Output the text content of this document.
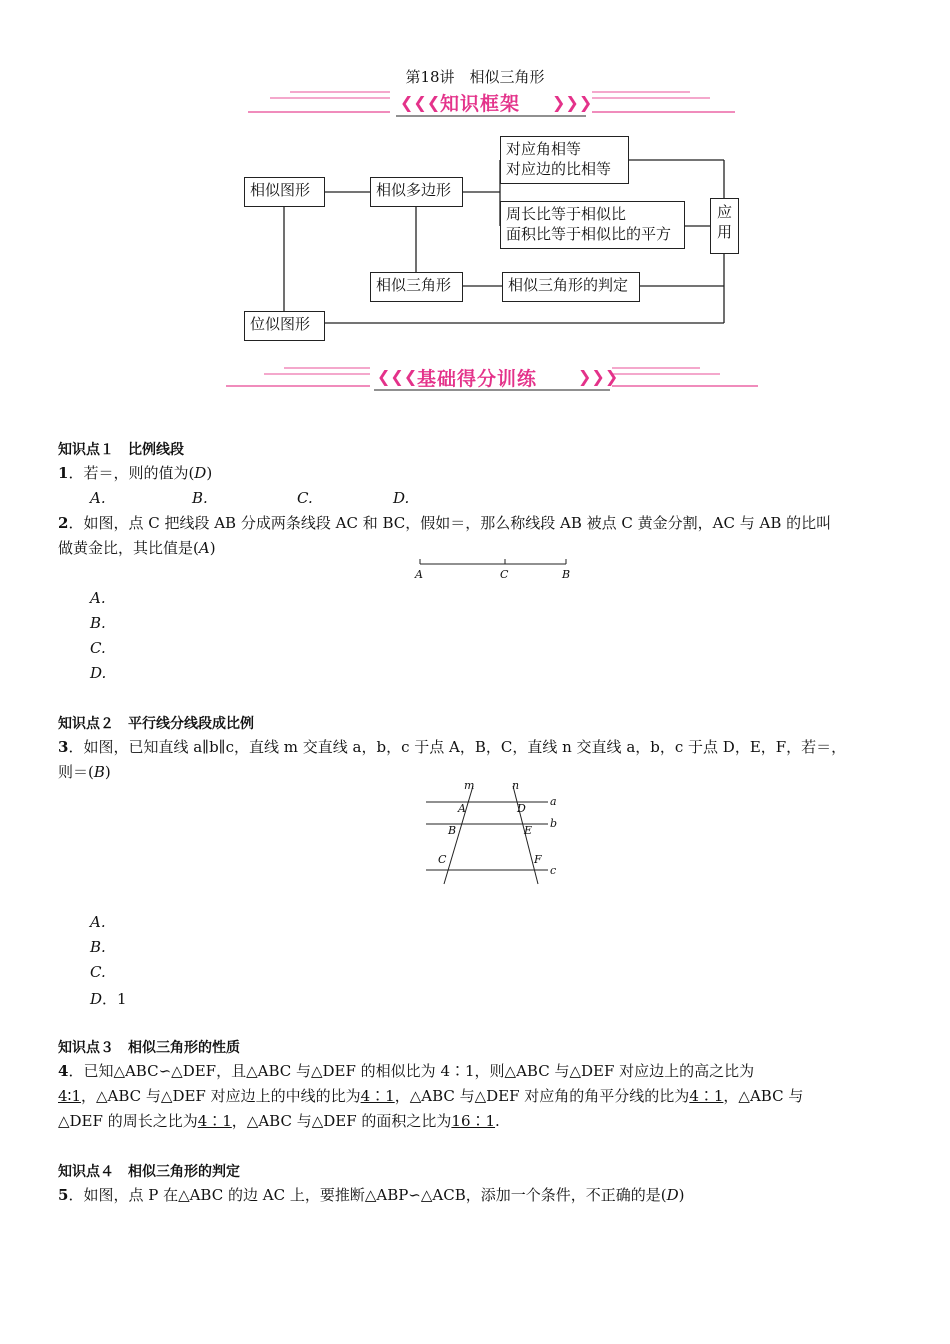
第18讲　相似三角形
❮❮❮	❯❯❯
知识框架
相似图形	相似多边形
对应角相等
对应边的比相等
周长比等于相似比
面积比等于相似比的平方
应
用
相似三角形	相似三角形的判定
位似图形
❮❮❮	❯❯❯
基础得分训练
知识点１　比例线段
1．若＝，则的值为(D)
A.	B.	C.	D.
2．如图，点 C 把线段 AB 分成两条线段 AC 和 BC，假如＝，那么称线段 AB 被点 C 黄金分割，AC 与 AB 的比叫
做黄金比，其比值是(A)
A	C	B
A.
B.
C.
D.
知识点２　平行线分线段成比例
3．如图，已知直线 a∥b∥c，直线 m 交直线 a，b，c 于点 A，B，C，直线 n 交直线 a，b，c 于点 D，E，F，若＝，
则＝(B)
m	n
a
b
c
A	D
B	E
C	F
A.
B.
C.
D．1
知识点３　相似三角形的性质
4．已知△ABC∽△DEF，且△ABC 与△DEF 的相似比为 4∶1，则△ABC 与△DEF 对应边上的高之比为
4∶1，△ABC 与△DEF 对应边上的中线的比为4∶1，△ABC 与△DEF 对应角的角平分线的比为4∶1，△ABC 与
△DEF 的周长之比为4∶1，△ABC 与△DEF 的面积之比为16∶1.
知识点４　相似三角形的判定
5．如图，点 P 在△ABC 的边 AC 上，要推断△ABP∽△ACB，添加一个条件，不正确的是(D)
